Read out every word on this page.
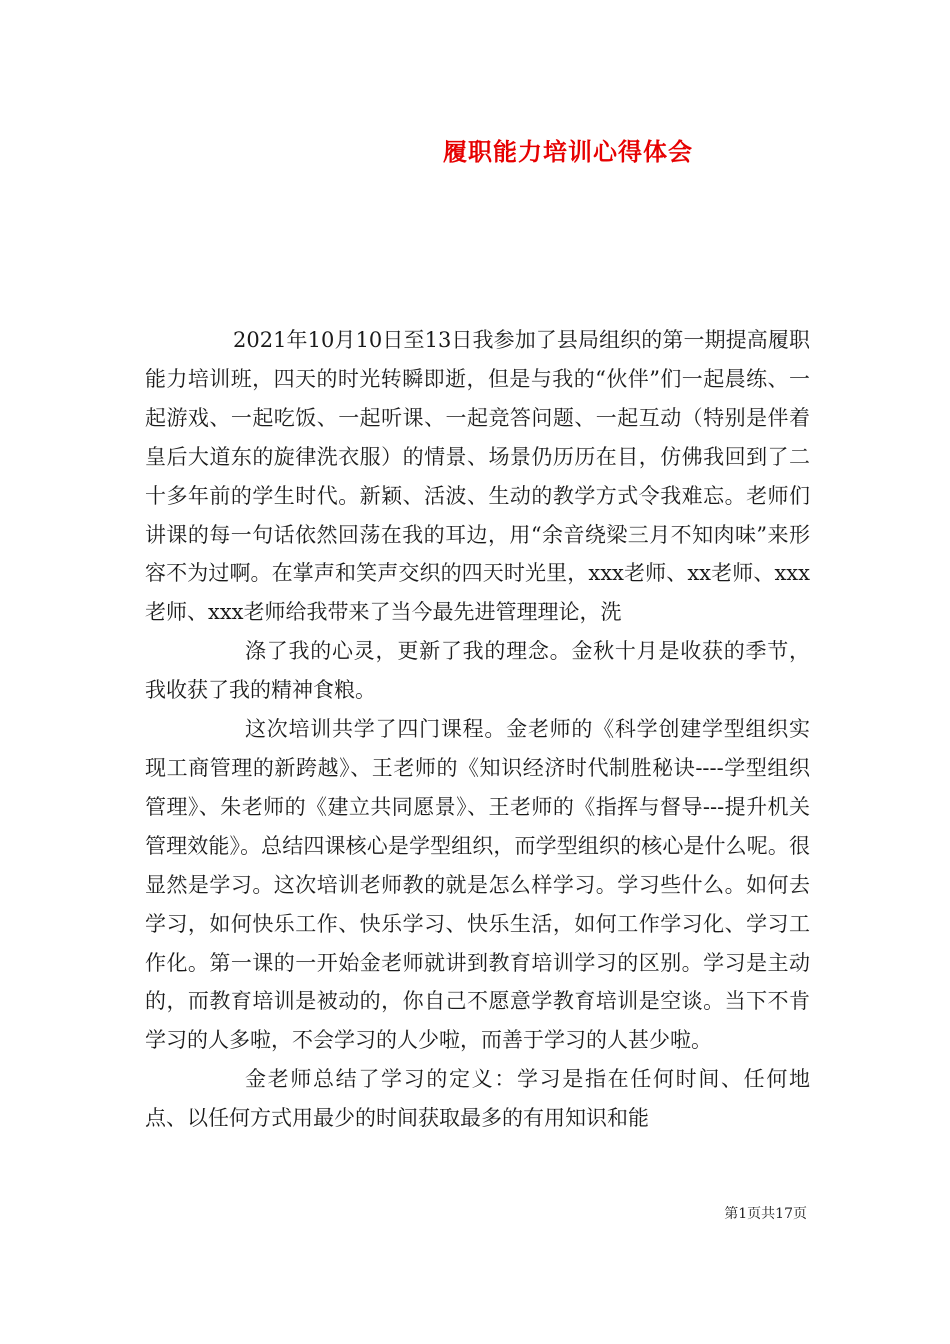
履职能力培训心得体会

2021年10月10日至13日我参加了县局组织的第一期提高履职能力培训班，四天的时光转瞬即逝，但是与我的“伙伴”们一起晨练、一起游戏、一起吃饭、一起听课、一起竞答问题、一起互动（特别是伴着皇后大道东的旋律洗衣服）的情景、场景仍历历在目，仿佛我回到了二十多年前的学生时代。新颖、活波、生动的教学方式令我难忘。老师们讲课的每一句话依然回荡在我的耳边，用“余音绕梁三月不知肉味”来形容不为过啊。在掌声和笑声交织的四天时光里，xxx老师、xx老师、xxx老师、xxx老师给我带来了当今最先进管理理论，洗

涤了我的心灵，更新了我的理念。金秋十月是收获的季节，我收获了我的精神食粮。

这次培训共学了四门课程。金老师的《科学创建学型组织实现工商管理的新跨越》、王老师的《知识经济时代制胜秘诀----学型组织管理》、朱老师的《建立共同愿景》、王老师的《指挥与督导---提升机关管理效能》。总结四课核心是学型组织，而学型组织的核心是什么呢。很显然是学习。这次培训老师教的就是怎么样学习。学习些什么。如何去学习，如何快乐工作、快乐学习、快乐生活，如何工作学习化、学习工作化。第一课的一开始金老师就讲到教育培训学习的区别。学习是主动的，而教育培训是被动的，你自己不愿意学教育培训是空谈。当下不肯学习的人多啦，不会学习的人少啦，而善于学习的人甚少啦。

金老师总结了学习的定义：学习是指在任何时间、任何地点、以任何方式用最少的时间获取最多的有用知识和能

第1页共17页
